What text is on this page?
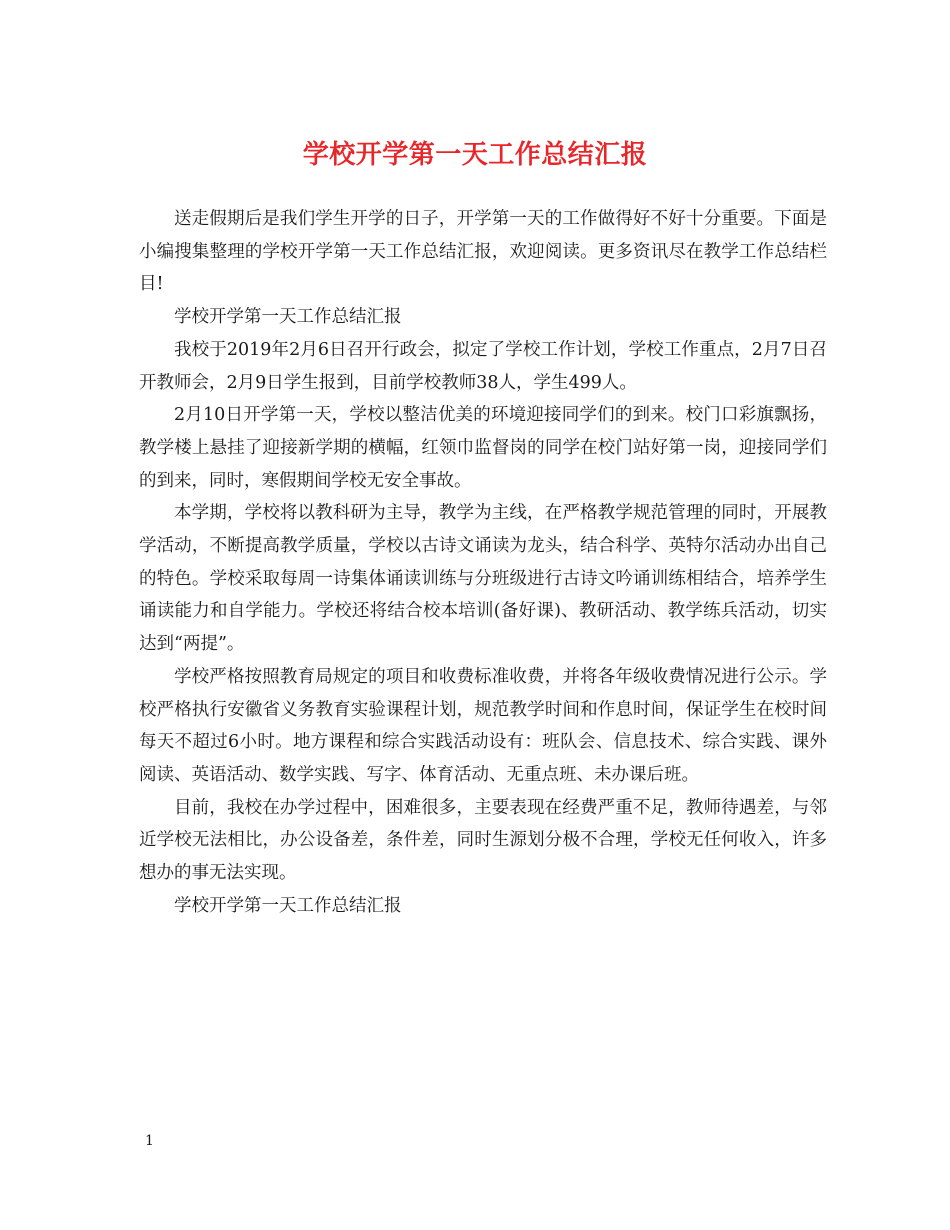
学校开学第一天工作总结汇报

送走假期后是我们学生开学的日子，开学第一天的工作做得好不好十分重要。下面是小编搜集整理的学校开学第一天工作总结汇报，欢迎阅读。更多资讯尽在教学工作总结栏目!

学校开学第一天工作总结汇报

我校于2019年2月6日召开行政会，拟定了学校工作计划，学校工作重点，2月7日召开教师会，2月9日学生报到，目前学校教师38人，学生499人。

2月10日开学第一天，学校以整洁优美的环境迎接同学们的到来。校门口彩旗飘扬，教学楼上悬挂了迎接新学期的横幅，红领巾监督岗的同学在校门站好第一岗，迎接同学们的到来，同时，寒假期间学校无安全事故。

本学期，学校将以教科研为主导，教学为主线，在严格教学规范管理的同时，开展教学活动，不断提高教学质量，学校以古诗文诵读为龙头，结合科学、英特尔活动办出自己的特色。学校采取每周一诗集体诵读训练与分班级进行古诗文吟诵训练相结合，培养学生诵读能力和自学能力。学校还将结合校本培训(备好课)、教研活动、教学练兵活动，切实达到“两提”。

学校严格按照教育局规定的项目和收费标准收费，并将各年级收费情况进行公示。学校严格执行安徽省义务教育实验课程计划，规范教学时间和作息时间，保证学生在校时间每天不超过6小时。地方课程和综合实践活动设有：班队会、信息技术、综合实践、课外阅读、英语活动、数学实践、写字、体育活动、无重点班、未办课后班。

目前，我校在办学过程中，困难很多，主要表现在经费严重不足，教师待遇差，与邻近学校无法相比，办公设备差，条件差，同时生源划分极不合理，学校无任何收入，许多想办的事无法实现。

学校开学第一天工作总结汇报

1
